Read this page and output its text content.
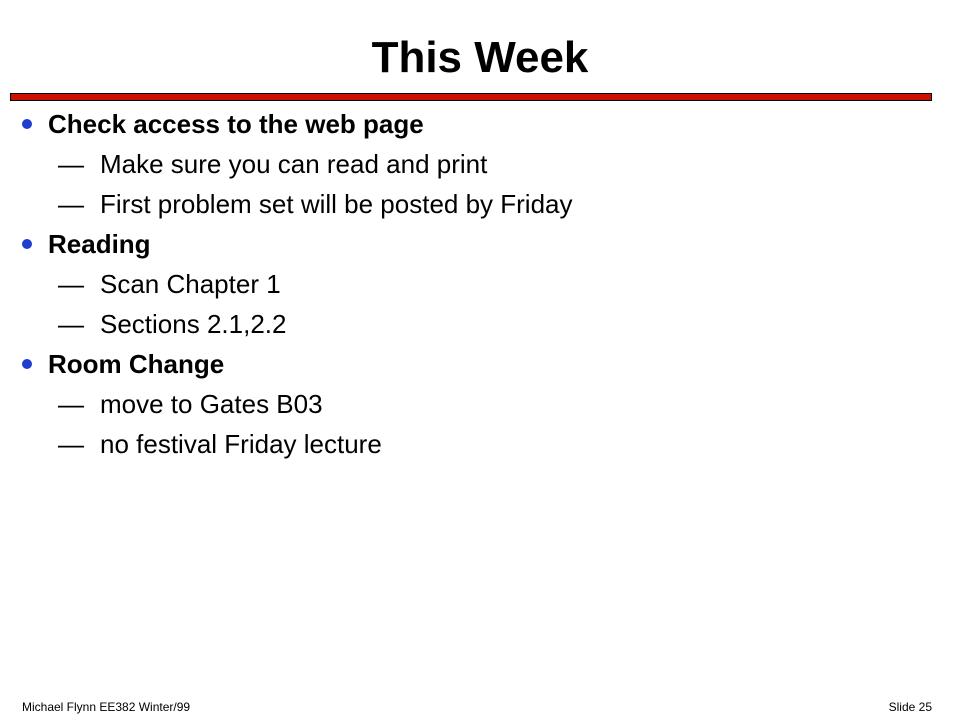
This Week
Check access to the web page
— Make sure you can read and print
— First problem set will be posted by Friday
Reading
— Scan Chapter 1
— Sections 2.1,2.2
Room Change
— move to Gates B03
— no festival Friday lecture
Michael Flynn EE382 Winter/99	Slide 25
